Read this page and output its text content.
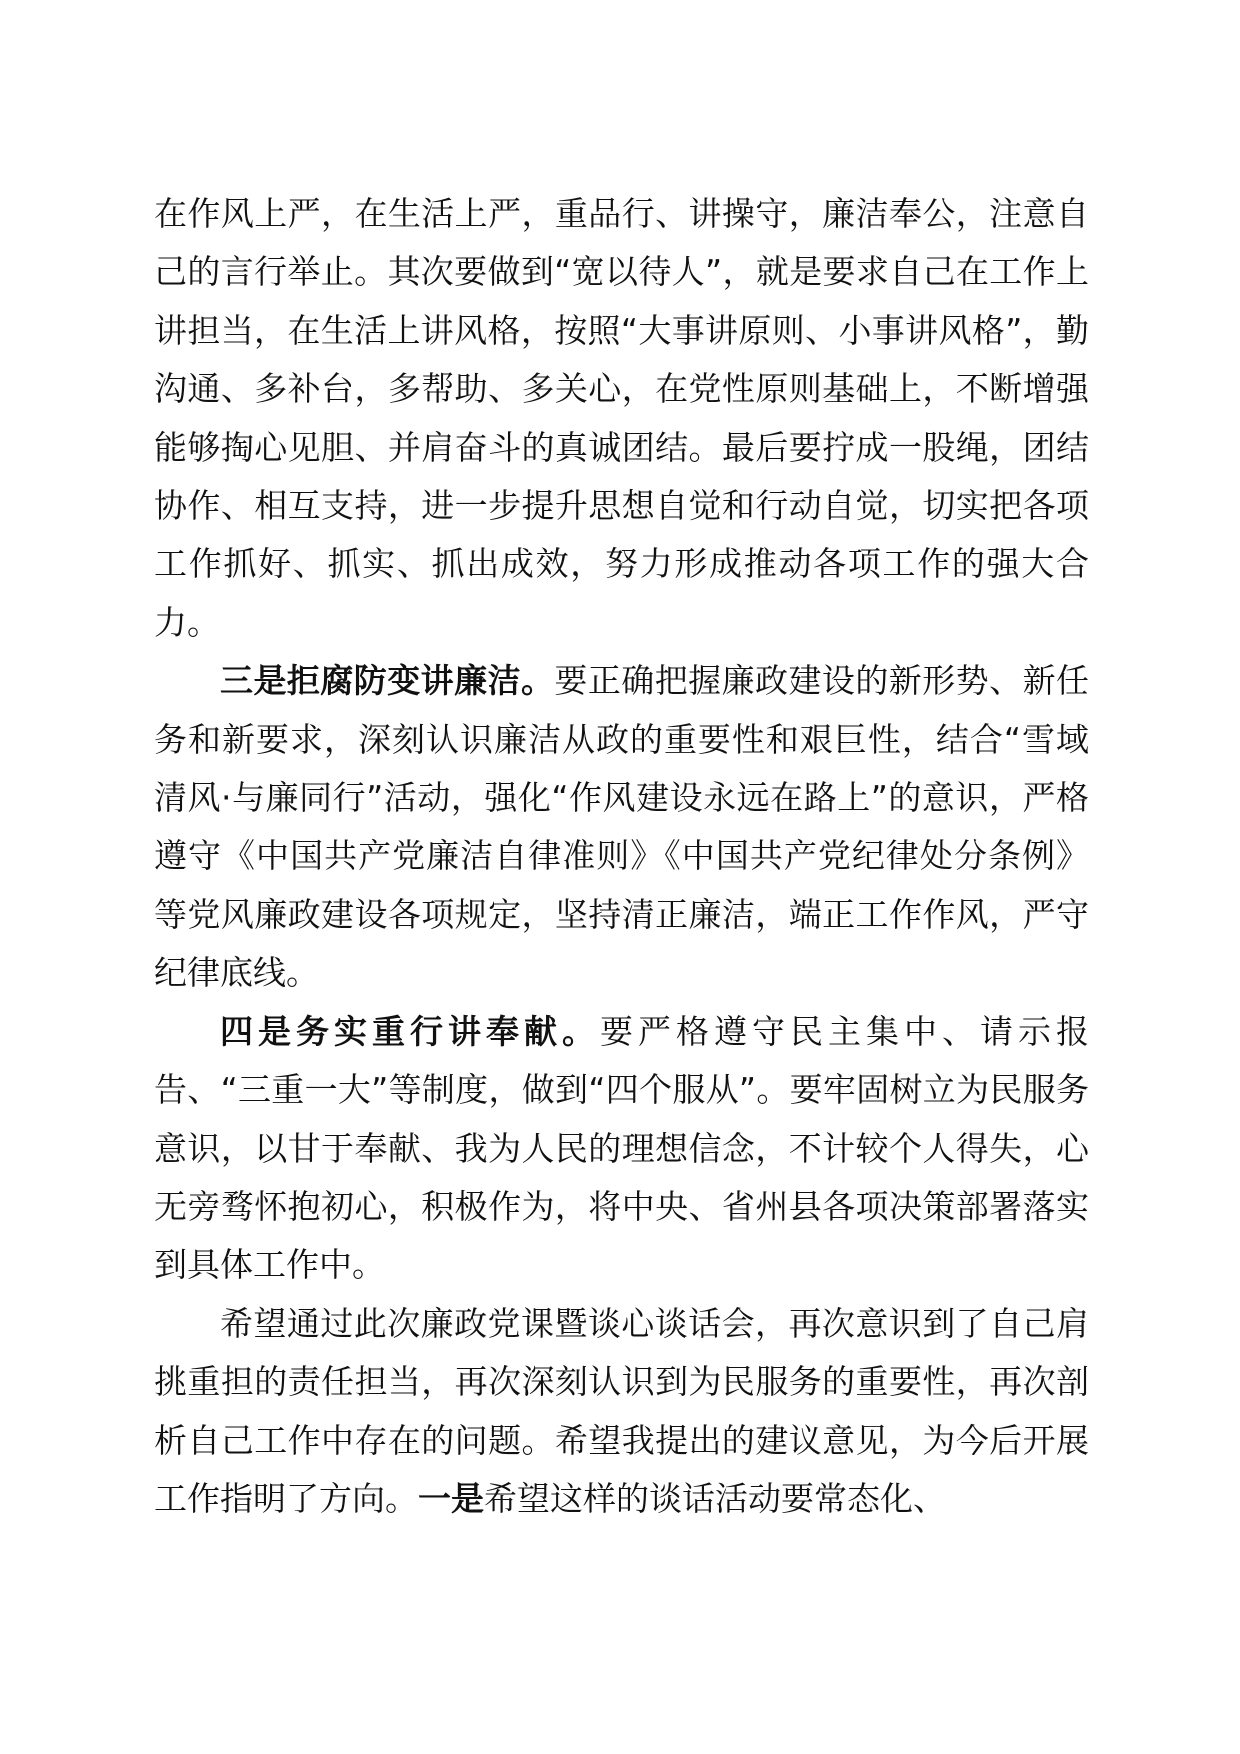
在作风上严，在生活上严，重品行、讲操守，廉洁奉公，注意自己的言行举止。其次要做到“宽以待人”，就是要求自己在工作上讲担当，在生活上讲风格，按照“大事讲原则、小事讲风格”，勤沟通、多补台，多帮助、多关心，在党性原则基础上，不断增强能够掏心见胆、并肩奋斗的真诚团结。最后要拧成一股绳，团结协作、相互支持，进一步提升思想自觉和行动自觉，切实把各项工作抓好、抓实、抓出成效，努力形成推动各项工作的强大合力。

三是拒腐防变讲廉洁。要正确把握廉政建设的新形势、新任务和新要求，深刻认识廉洁从政的重要性和艰巨性，结合“雪域清风·与廉同行”活动，强化“作风建设永远在路上”的意识，严格遵守《中国共产党廉洁自律准则》《中国共产党纪律处分条例》等党风廉政建设各项规定，坚持清正廉洁，端正工作作风，严守纪律底线。

四是务实重行讲奉献。要严格遵守民主集中、请示报告、“三重一大”等制度，做到“四个服从”。要牢固树立为民服务意识，以甘于奉献、我为人民的理想信念，不计较个人得失，心无旁骛怀抱初心，积极作为，将中央、省州县各项决策部署落实到具体工作中。

希望通过此次廉政党课暨谈心谈话会，再次意识到了自己肩挑重担的责任担当，再次深刻认识到为民服务的重要性，再次剖析自己工作中存在的问题。希望我提出的建议意见，为今后开展工作指明了方向。一是希望这样的谈话活动要常态化、
